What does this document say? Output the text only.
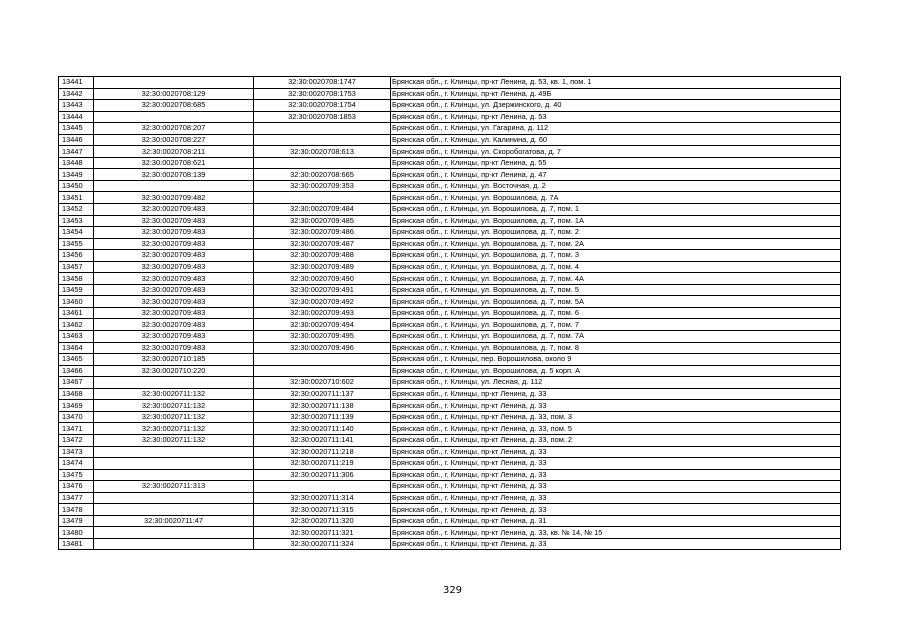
13441		32:30:0020708:1747	Брянская обл., г. Клинцы, пр-кт Ленина, д. 53, кв. 1, пом. 1
13442	32:30:0020708:129	32:30:0020708:1753	Брянская обл., г. Клинцы, пр-кт Ленина, д. 49Б
13443	32:30:0020708:685	32:30:0020708:1754	Брянская обл., г. Клинцы, ул. Дзержинского, д. 40
13444		32:30:0020708:1853	Брянская обл., г. Клинцы, пр-кт Ленина, д. 53
13445	32:30:0020708:207		Брянская обл., г. Клинцы, ул. Гагарина, д. 112
13446	32:30:0020708:227		Брянская обл., г. Клинцы, ул. Калинина, д. 60
13447	32:30:0020708:211	32:30:0020708:613	Брянская обл., г. Клинцы, ул. Скоробогатова, д. 7
13448	32:30:0020708:621		Брянская обл., г. Клинцы, пр-кт Ленина, д. 55
13449	32:30:0020708:139	32:30:0020708:665	Брянская обл., г. Клинцы, пр-кт Ленина, д. 47
13450		32:30:0020709:353	Брянская обл., г. Клинцы, ул. Восточная, д. 2
13451	32:30:0020709:482		Брянская обл., г. Клинцы, ул. Ворошилова, д. 7А
13452	32:30:0020709:483	32:30:0020709:484	Брянская обл., г. Клинцы, ул. Ворошилова, д. 7, пом. 1
13453	32:30:0020709:483	32:30:0020709:485	Брянская обл., г. Клинцы, ул. Ворошилова, д. 7, пом. 1А
13454	32:30:0020709:483	32:30:0020709:486	Брянская обл., г. Клинцы, ул. Ворошилова, д. 7, пом. 2
13455	32:30:0020709:483	32:30:0020709:487	Брянская обл., г. Клинцы, ул. Ворошилова, д. 7, пом. 2А
13456	32:30:0020709:483	32:30:0020709:488	Брянская обл., г. Клинцы, ул. Ворошилова, д. 7, пом. 3
13457	32:30:0020709:483	32:30:0020709:489	Брянская обл., г. Клинцы, ул. Ворошилова, д. 7, пом. 4
13458	32:30:0020709:483	32:30:0020709:490	Брянская обл., г. Клинцы, ул. Ворошилова, д. 7, пом. 4А
13459	32:30:0020709:483	32:30:0020709:491	Брянская обл., г. Клинцы, ул. Ворошилова, д. 7, пом. 5
13460	32:30:0020709:483	32:30:0020709:492	Брянская обл., г. Клинцы, ул. Ворошилова, д. 7, пом. 5А
13461	32:30:0020709:483	32:30:0020709:493	Брянская обл., г. Клинцы, ул. Ворошилова, д. 7, пом. 6
13462	32:30:0020709:483	32:30:0020709:494	Брянская обл., г. Клинцы, ул. Ворошилова, д. 7, пом. 7
13463	32:30:0020709:483	32:30:0020709:495	Брянская обл., г. Клинцы, ул. Ворошилова, д. 7, пом. 7А
13464	32:30:0020709:483	32:30:0020709:496	Брянская обл., г. Клинцы, ул. Ворошилова, д. 7, пом. 8
13465	32:30:0020710:185		Брянская обл., г. Клинцы, пер. Ворошилова, около 9
13466	32:30:0020710:220		Брянская обл., г. Клинцы, ул. Ворошилова, д. 5 корп. А
13467		32:30:0020710:602	Брянская обл., г. Клинцы, ул. Лесная, д. 112
13468	32:30:0020711:132	32:30:0020711:137	Брянская обл., г. Клинцы, пр-кт Ленина, д. 33
13469	32:30:0020711:132	32:30:0020711:138	Брянская обл., г. Клинцы, пр-кт Ленина, д. 33
13470	32:30:0020711:132	32:30:0020711:139	Брянская обл., г. Клинцы, пр-кт Ленина, д. 33, пом. 3
13471	32:30:0020711:132	32:30:0020711:140	Брянская обл., г. Клинцы, пр-кт Ленина, д. 33, пом. 5
13472	32:30:0020711:132	32:30:0020711:141	Брянская обл., г. Клинцы, пр-кт Ленина, д. 33, пом. 2
13473		32:30:0020711:218	Брянская обл., г. Клинцы, пр-кт Ленина, д. 33
13474		32:30:0020711:219	Брянская обл., г. Клинцы, пр-кт Ленина, д. 33
13475		32:30:0020711:306	Брянская обл., г. Клинцы, пр-кт Ленина, д. 33
13476	32:30:0020711:313		Брянская обл., г. Клинцы, пр-кт Ленина, д. 33
13477		32:30:0020711:314	Брянская обл., г. Клинцы, пр-кт Ленина, д. 33
13478		32:30:0020711:315	Брянская обл., г. Клинцы, пр-кт Ленина, д. 33
13479	32:30:0020711:47	32:30:0020711:320	Брянская обл., г. Клинцы, пр-кт Ленина, д. 31
13480		32:30:0020711:321	Брянская обл., г. Клинцы, пр-кт Ленина, д. 33, кв. № 14, № 15
13481		32:30:0020711:324	Брянская обл., г. Клинцы, пр-кт Ленина, д. 33
329
